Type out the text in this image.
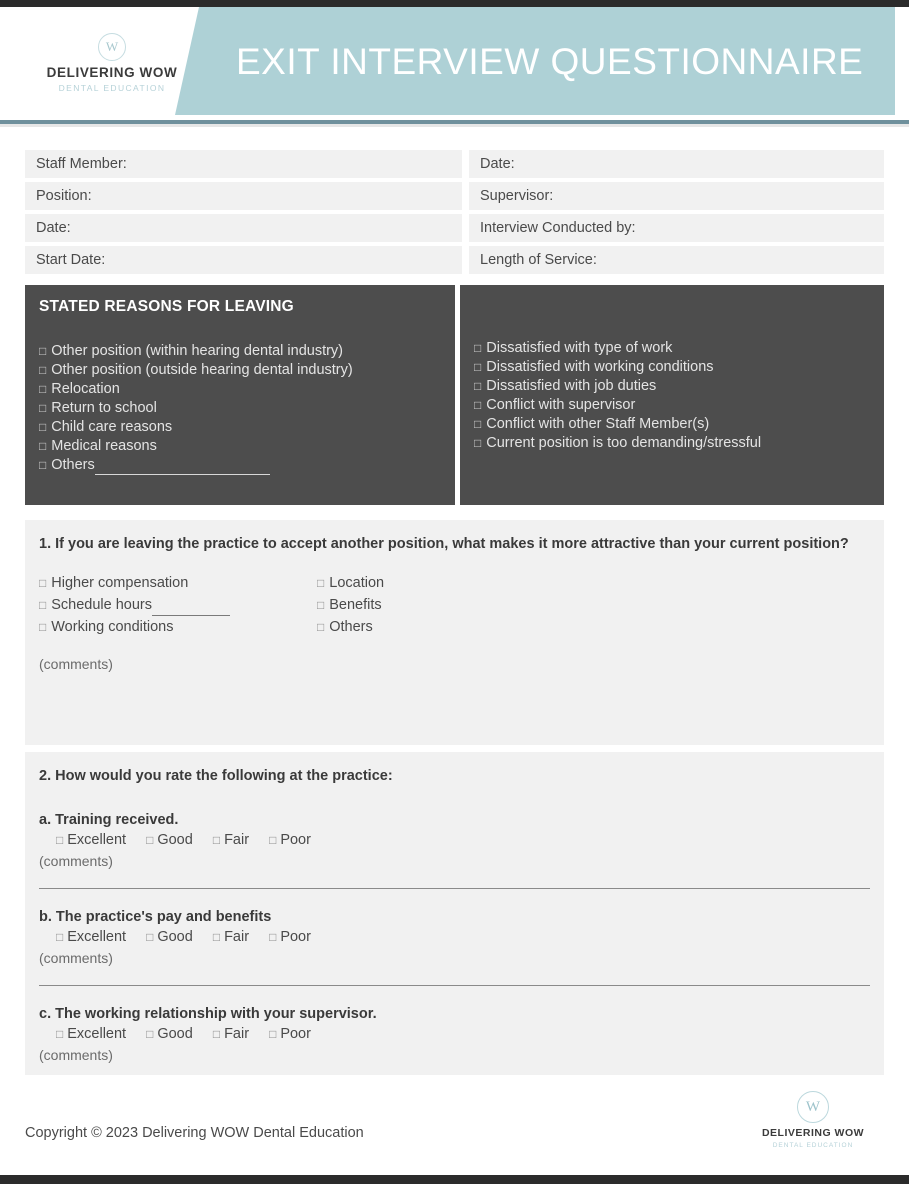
W
DELIVERING WOW
DENTAL EDUCATION
EXIT INTERVIEW QUESTIONNAIRE
Staff Member:	Date:
Position:	Supervisor:
Date:	Interview Conducted by:
Start Date:	Length of Service:
STATED REASONS FOR LEAVING
□ Other position (within hearing dental industry)
□ Other position (outside hearing dental industry)
□ Relocation
□ Return to school
□ Child care reasons
□ Medical reasons
□ Others
□ Dissatisfied with type of work
□ Dissatisfied with working conditions
□ Dissatisfied with job duties
□ Conflict with supervisor
□ Conflict with other Staff Member(s)
□ Current position is too demanding/stressful
1. If you are leaving the practice to accept another position, what makes it more attractive than your current position?
□ Higher compensation
□ Schedule hours
□ Working conditions
□ Location
□ Benefits
□ Others
(comments)
2. How would you rate the following at the practice:
a. Training received.
□ Excellent □ Good □ Fair □ Poor
(comments)
b. The practice's pay and benefits
□ Excellent □ Good □ Fair □ Poor
(comments)
c. The working relationship with your supervisor.
□ Excellent □ Good □ Fair □ Poor
(comments)
Copyright © 2023 Delivering WOW Dental Education
W
DELIVERING WOW
DENTAL EDUCATION
